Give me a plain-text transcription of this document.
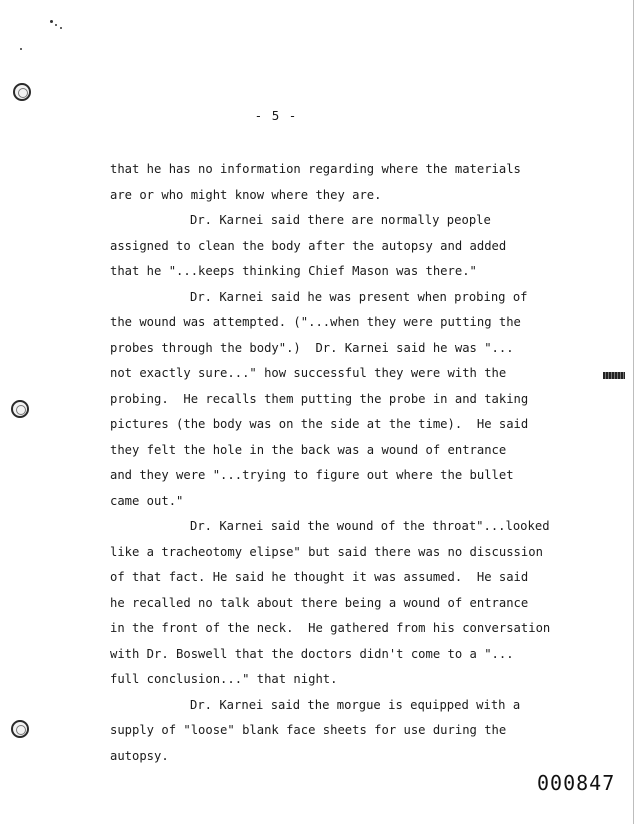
- 5 -
that he has no information regarding where the materials
are or who might know where they are.
Dr. Karnei said there are normally people
assigned to clean the body after the autopsy and added
that he "...keeps thinking Chief Mason was there."
Dr. Karnei said he was present when probing of
the wound was attempted. ("...when they were putting the
probes through the body".)  Dr. Karnei said he was "...
not exactly sure..." how successful they were with the
probing.  He recalls them putting the probe in and taking
pictures (the body was on the side at the time).  He said
they felt the hole in the back was a wound of entrance
and they were "...trying to figure out where the bullet
came out."
Dr. Karnei said the wound of the throat"...looked
like a tracheotomy elipse" but said there was no discussion
of that fact. He said he thought it was assumed.  He said
he recalled no talk about there being a wound of entrance
in the front of the neck.  He gathered from his conversation
with Dr. Boswell that the doctors didn't come to a "...
full conclusion..." that night.
Dr. Karnei said the morgue is equipped with a
supply of "loose" blank face sheets for use during the
autopsy.
000847
